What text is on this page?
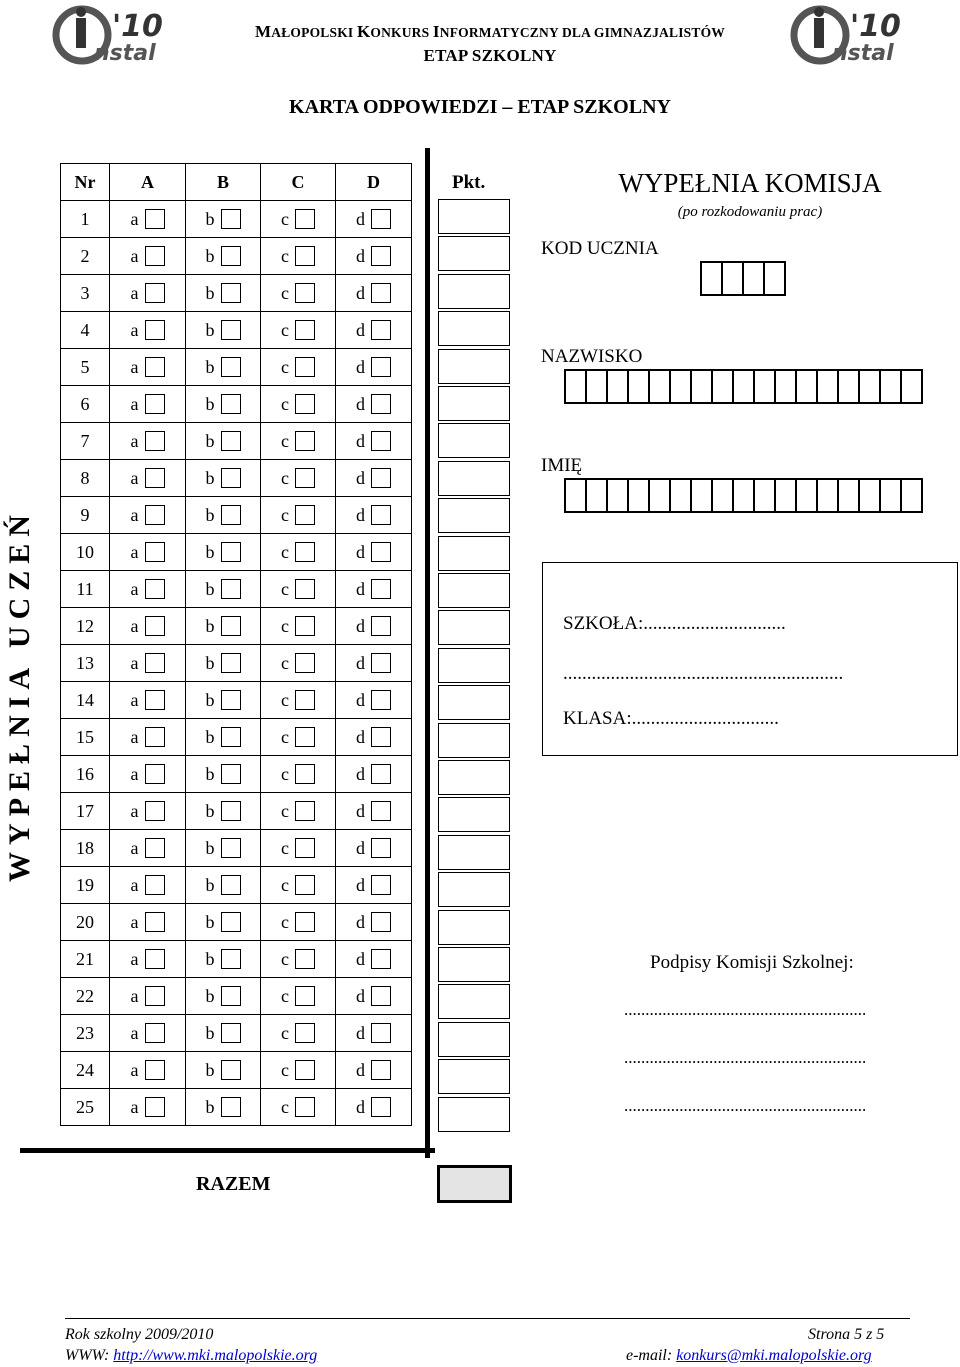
'10
nstal
'10
nstal
MAŁOPOLSKI KONKURS INFORMATYCZNY DLA GIMNAZJALISTÓW
ETAP SZKOLNY
KARTA ODPOWIEDZI – ETAP SZKOLNY
WYPEŁNIA UCZEŃ
Nr	A	B	C	D
1	a	b	c	d

2	a	b	c	d

3	a	b	c	d

4	a	b	c	d

5	a	b	c	d

6	a	b	c	d

7	a	b	c	d

8	a	b	c	d

9	a	b	c	d

10	a	b	c	d

11	a	b	c	d

12	a	b	c	d

13	a	b	c	d

14	a	b	c	d

15	a	b	c	d

16	a	b	c	d

17	a	b	c	d

18	a	b	c	d

19	a	b	c	d

20	a	b	c	d

21	a	b	c	d

22	a	b	c	d

23	a	b	c	d

24	a	b	c	d

25	a	b	c	d
Pkt.	WYPEŁNIA KOMISJA
(po rozkodowaniu prac)
KOD UCZNIA
NAZWISKO
IMIĘ
SZKOŁA:..............................
...........................................................
KLASA:...............................
Podpisy Komisji Szkolnej:
.........................................................
.........................................................
.........................................................
RAZEM
Rok szkolny 2009/2010	Strona 5 z 5
WWW: http://www.mki.malopolskie.org	e-mail: konkurs@mki.malopolskie.org
